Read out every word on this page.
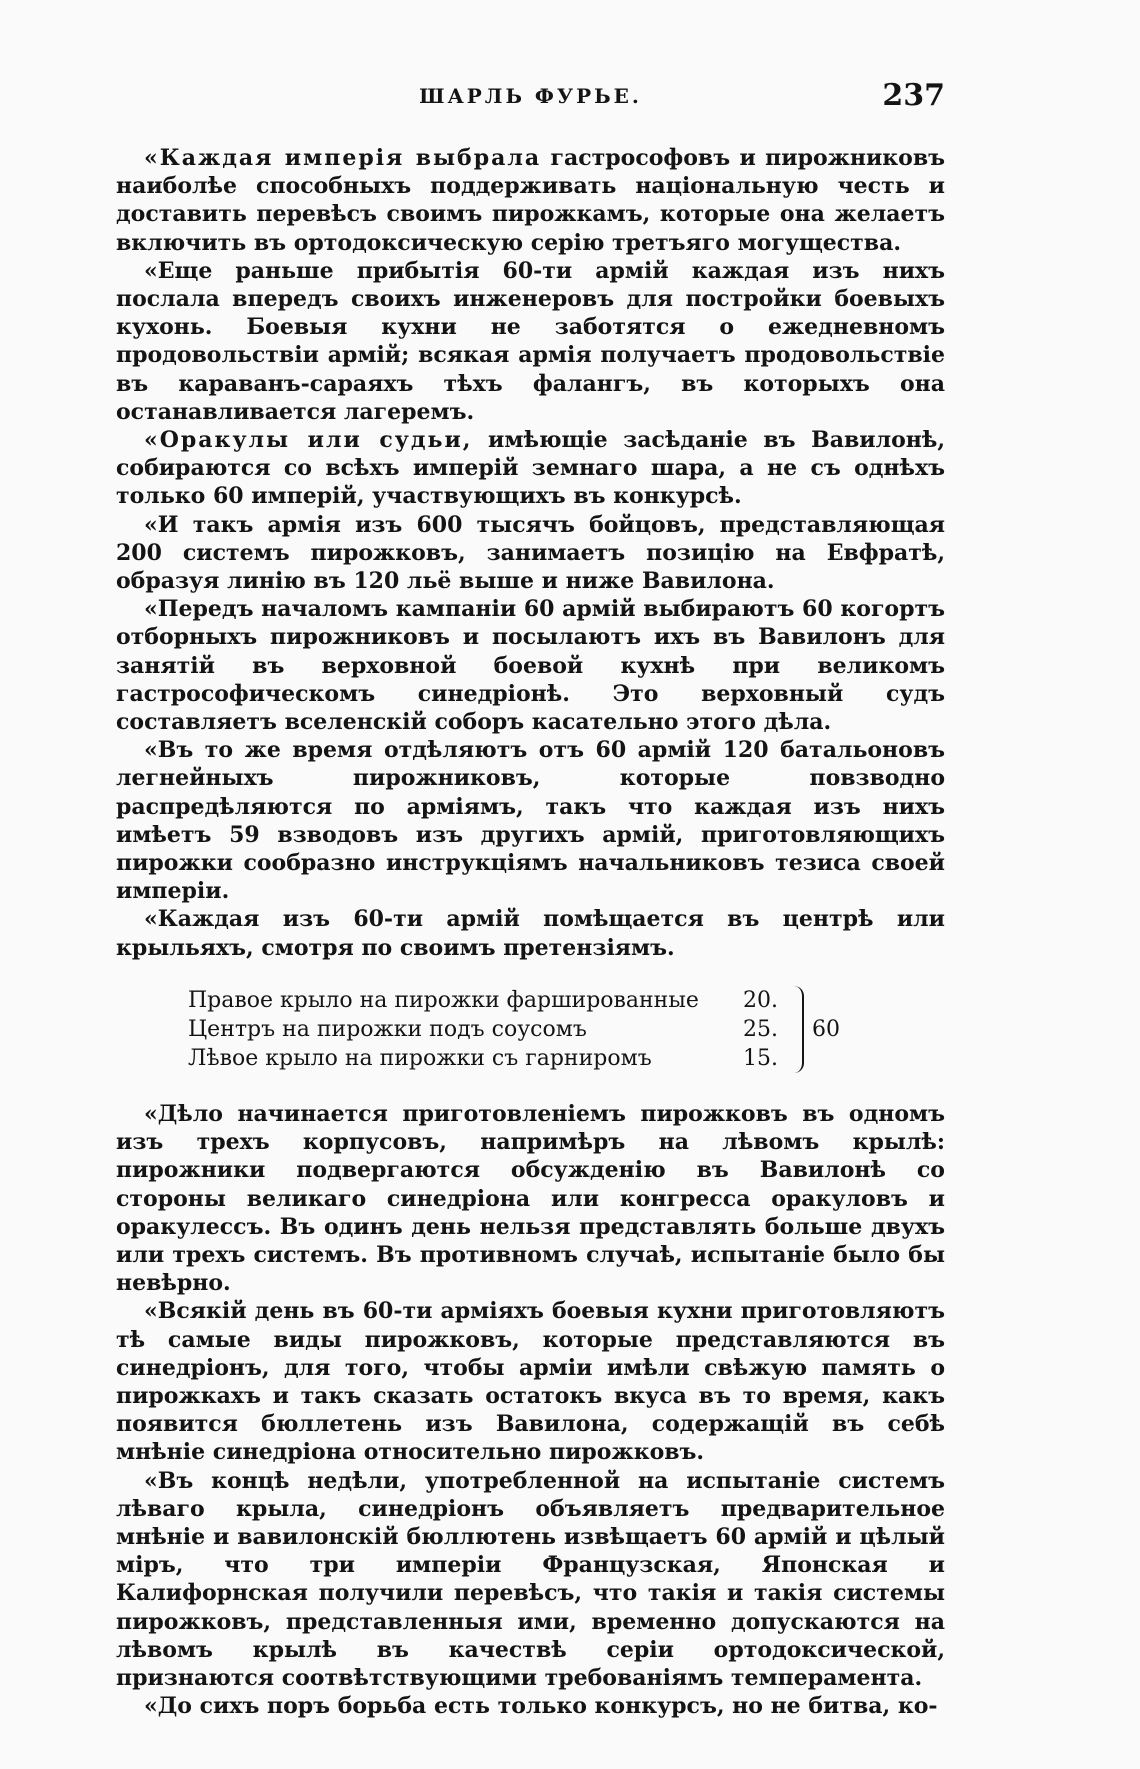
ШАРЛЬ ФУРЬЕ.	237

«Каждая имперія выбрала гастрософовъ и пирожниковъ наиболѣе способныхъ поддерживать національную честь и доставить перевѣсъ своимъ пирожкамъ, которые она желаетъ включить въ ортодоксическую серію третъяго могущества.

«Еще раньше прибытія 60-ти армій каждая изъ нихъ послала впередъ своихъ инженеровъ для постройки боевыхъ кухонь. Боевыя кухни не заботятся о ежедневномъ продовольствіи армій; всякая армія получаетъ продовольствіе въ караванъ-сараяхъ тѣхъ фалангъ, въ которыхъ она останавливается лагеремъ.

«Оракулы или судьи, имѣющіе засѣданіе въ Вавилонѣ, собираются со всѣхъ имперій земнаго шара, а не съ однѣхъ только 60 имперій, участвующихъ въ конкурсѣ.

«И такъ армія изъ 600 тысячъ бойцовъ, представляющая 200 системъ пирожковъ, занимаетъ позицію на Евфратѣ, образуя линію въ 120 льё выше и ниже Вавилона.

«Передъ началомъ кампаніи 60 армій выбираютъ 60 когортъ отборныхъ пирожниковъ и посылаютъ ихъ въ Вавилонъ для занятій въ верховной боевой кухнѣ при великомъ гастрософическомъ синедріонѣ. Это верховный судъ составляетъ вселенскій соборъ касательно этого дѣла.

«Въ то же время отдѣляютъ отъ 60 армій 120 батальоновъ легнейныхъ пирожниковъ, которые повзводно распредѣляются по арміямъ, такъ что каждая изъ нихъ имѣетъ 59 взводовъ изъ другихъ армій, приготовляющихъ пирожки сообразно инструкціямъ начальниковъ тезиса своей имперіи.

«Каждая изъ 60-ти армій помѣщается въ центрѣ или крыльяхъ, смотря по своимъ претензіямъ.

Правое крыло на пирожки фаршированные	20.
Центръ на пирожки подъ соусомъ	25.
Лѣвое крыло на пирожки съ гарниромъ	15.
60

«Дѣло начинается приготовленіемъ пирожковъ въ одномъ изъ трехъ корпусовъ, напримѣръ на лѣвомъ крылѣ: пирожники подвергаются обсужденію въ Вавилонѣ со стороны великаго синедріона или конгресса оракуловъ и оракулессъ. Въ одинъ день нельзя представлять больше двухъ или трехъ системъ. Въ противномъ случаѣ, испытаніе было бы невѣрно.

«Всякій день въ 60-ти арміяхъ боевыя кухни приготовляютъ тѣ самые виды пирожковъ, которые представляются въ синедріонъ, для того, чтобы арміи имѣли свѣжую память о пирожкахъ и такъ сказать остатокъ вкуса въ то время, какъ появится бюллетень изъ Вавилона, содержащій въ себѣ мнѣніе синедріона относительно пирожковъ.

«Въ концѣ недѣли, употребленной на испытаніе системъ лѣваго крыла, синедріонъ объявляетъ предварительное мнѣніе и вавилонскій бюллютень извѣщаетъ 60 армій и цѣлый міръ, что три имперіи Французская, Японская и Калифорнская получили перевѣсъ, что такія и такія системы пирожковъ, представленныя ими, временно допускаются на лѣвомъ крылѣ въ качествѣ серіи ортодоксической, признаются соотвѣтствующими требованіямъ темперамента.

«До сихъ поръ борьба есть только конкурсъ, но не битва, ко-
